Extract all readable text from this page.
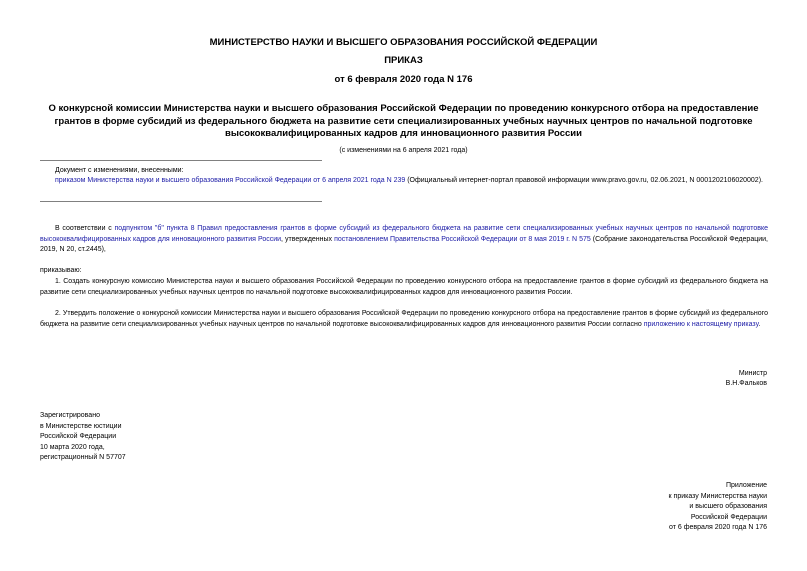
МИНИСТЕРСТВО НАУКИ И ВЫСШЕГО ОБРАЗОВАНИЯ РОССИЙСКОЙ ФЕДЕРАЦИИ
ПРИКАЗ
от 6 февраля 2020 года N 176
О конкурсной комиссии Министерства науки и высшего образования Российской Федерации по проведению конкурсного отбора на предоставление грантов в форме субсидий из федерального бюджета на развитие сети специализированных учебных научных центров по начальной подготовке высококвалифицированных кадров для инновационного развития России
(с изменениями на 6 апреля 2021 года)
Документ с изменениями, внесенными:
приказом Министерства науки и высшего образования Российской Федерации от 6 апреля 2021 года N 239 (Официальный интернет-портал правовой информации www.pravo.gov.ru, 02.06.2021, N 0001202106020002).
В соответствии с подпунктом "б" пункта 8 Правил предоставления грантов в форме субсидий из федерального бюджета на развитие сети специализированных учебных научных центров по начальной подготовке высококвалифицированных кадров для инновационного развития России, утвержденных постановлением Правительства Российской Федерации от 8 мая 2019 г. N 575 (Собрание законодательства Российской Федерации, 2019, N 20, ст.2445),
приказываю:
1. Создать конкурсную комиссию Министерства науки и высшего образования Российской Федерации по проведению конкурсного отбора на предоставление грантов в форме субсидий из федерального бюджета на развитие сети специализированных учебных научных центров по начальной подготовке высококвалифицированных кадров для инновационного развития России.
2. Утвердить положение о конкурсной комиссии Министерства науки и высшего образования Российской Федерации по проведению конкурсного отбора на предоставление грантов в форме субсидий из федерального бюджета на развитие сети специализированных учебных научных центров по начальной подготовке высококвалифицированных кадров для инновационного развития России согласно приложению к настоящему приказу.
Министр
В.Н.Фальков
Зарегистрировано
в Министерстве юстиции
Российской Федерации
10 марта 2020 года,
регистрационный N 57707
Приложение
к приказу Министерства науки
и высшего образования
Российской Федерации
от 6 февраля 2020 года N 176
